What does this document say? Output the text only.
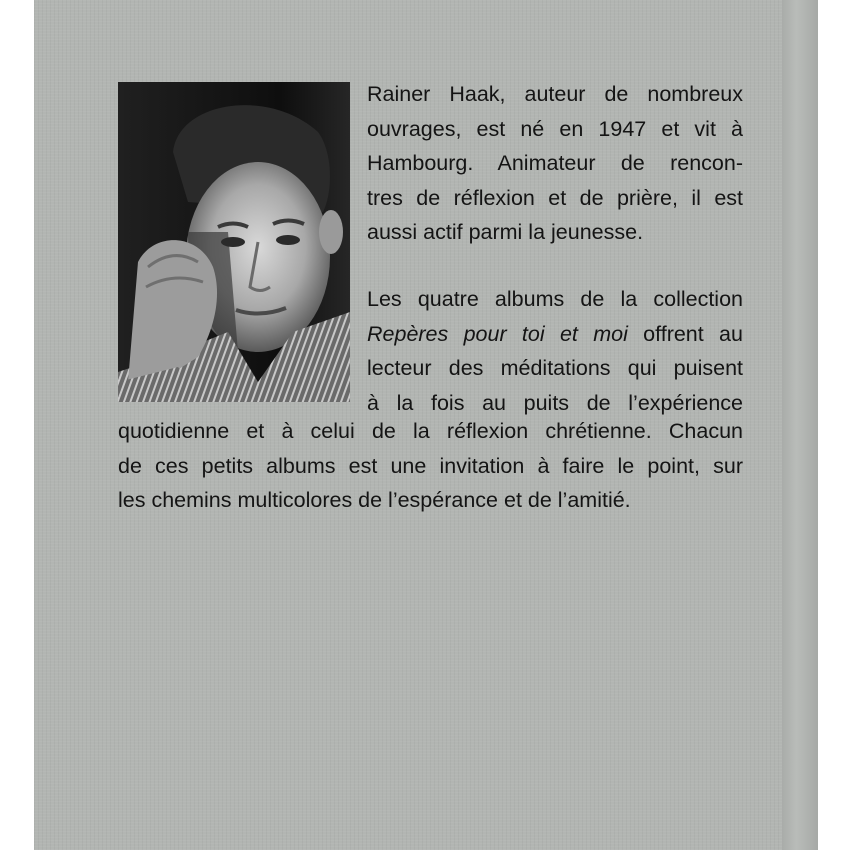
Rainer Haak, auteur de nombreux
ouvrages, est né en 1947 et vit à
Hambourg. Animateur de rencon-
tres de réflexion et de prière, il est
aussi actif parmi la jeunesse.
Les quatre albums de la collection
Repères pour toi et moi offrent au
lecteur des méditations qui puisent
à la fois au puits de l’expérience
quotidienne et à celui de la réflexion chrétienne. Chacun
de ces petits albums est une invitation à faire le point, sur
les chemins multicolores de l’espérance et de l’amitié.
